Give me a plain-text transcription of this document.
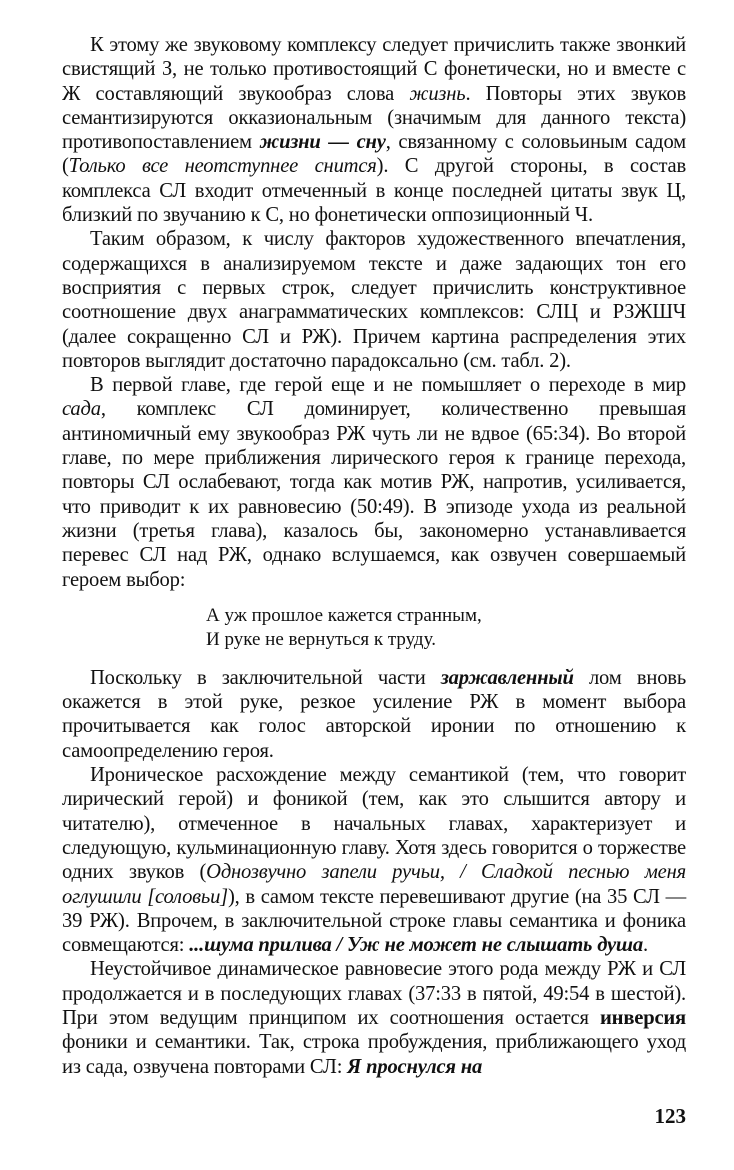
К этому же звуковому комплексу следует причислить также звонкий свистящий З, не только противостоящий С фонетически, но и вместе с Ж составляющий звукообраз слова жизнь. Повторы этих звуков семантизируются окказиональным (значимым для данного текста) противопоставлением жизни — сну, связанному с соловьиным садом (Только все неотступнее снится). С другой стороны, в состав комплекса СЛ входит отмеченный в конце последней цитаты звук Ц, близкий по звучанию к С, но фонетически оппозиционный Ч.

Таким образом, к числу факторов художественного впечатления, содержащихся в анализируемом тексте и даже задающих тон его восприятия с первых строк, следует причислить конструктивное соотношение двух анаграмматических комплексов: СЛЦ и РЗЖШЧ (далее сокращенно СЛ и РЖ). Причем картина распределения этих повторов выглядит достаточно парадоксально (см. табл. 2).

В первой главе, где герой еще и не помышляет о переходе в мир сада, комплекс СЛ доминирует, количественно превышая антиномичный ему звукообраз РЖ чуть ли не вдвое (65:34). Во второй главе, по мере приближения лирического героя к границе перехода, повторы СЛ ослабевают, тогда как мотив РЖ, напротив, усиливается, что приводит к их равновесию (50:49). В эпизоде ухода из реальной жизни (третья глава), казалось бы, закономерно устанавливается перевес СЛ над РЖ, однако вслушаемся, как озвучен совершаемый героем выбор:

А уж прошлое кажется странным,
И руке не вернуться к труду.

Поскольку в заключительной части заржавленный лом вновь окажется в этой руке, резкое усиление РЖ в момент выбора прочитывается как голос авторской иронии по отношению к самоопределению героя.

Ироническое расхождение между семантикой (тем, что говорит лирический герой) и фоникой (тем, как это слышится автору и читателю), отмеченное в начальных главах, характеризует и следующую, кульминационную главу. Хотя здесь говорится о торжестве одних звуков (Однозвучно запели ручьи, / Сладкой песнью меня оглушили [соловьи]), в самом тексте перевешивают другие (на 35 СЛ — 39 РЖ). Впрочем, в заключительной строке главы семантика и фоника совмещаются: ...шума прилива / Уж не может не слышать душа.

Неустойчивое динамическое равновесие этого рода между РЖ и СЛ продолжается и в последующих главах (37:33 в пятой, 49:54 в шестой). При этом ведущим принципом их соотношения остается инверсия фоники и семантики. Так, строка пробуждения, приближающего уход из сада, озвучена повторами СЛ: Я проснулся на

123
